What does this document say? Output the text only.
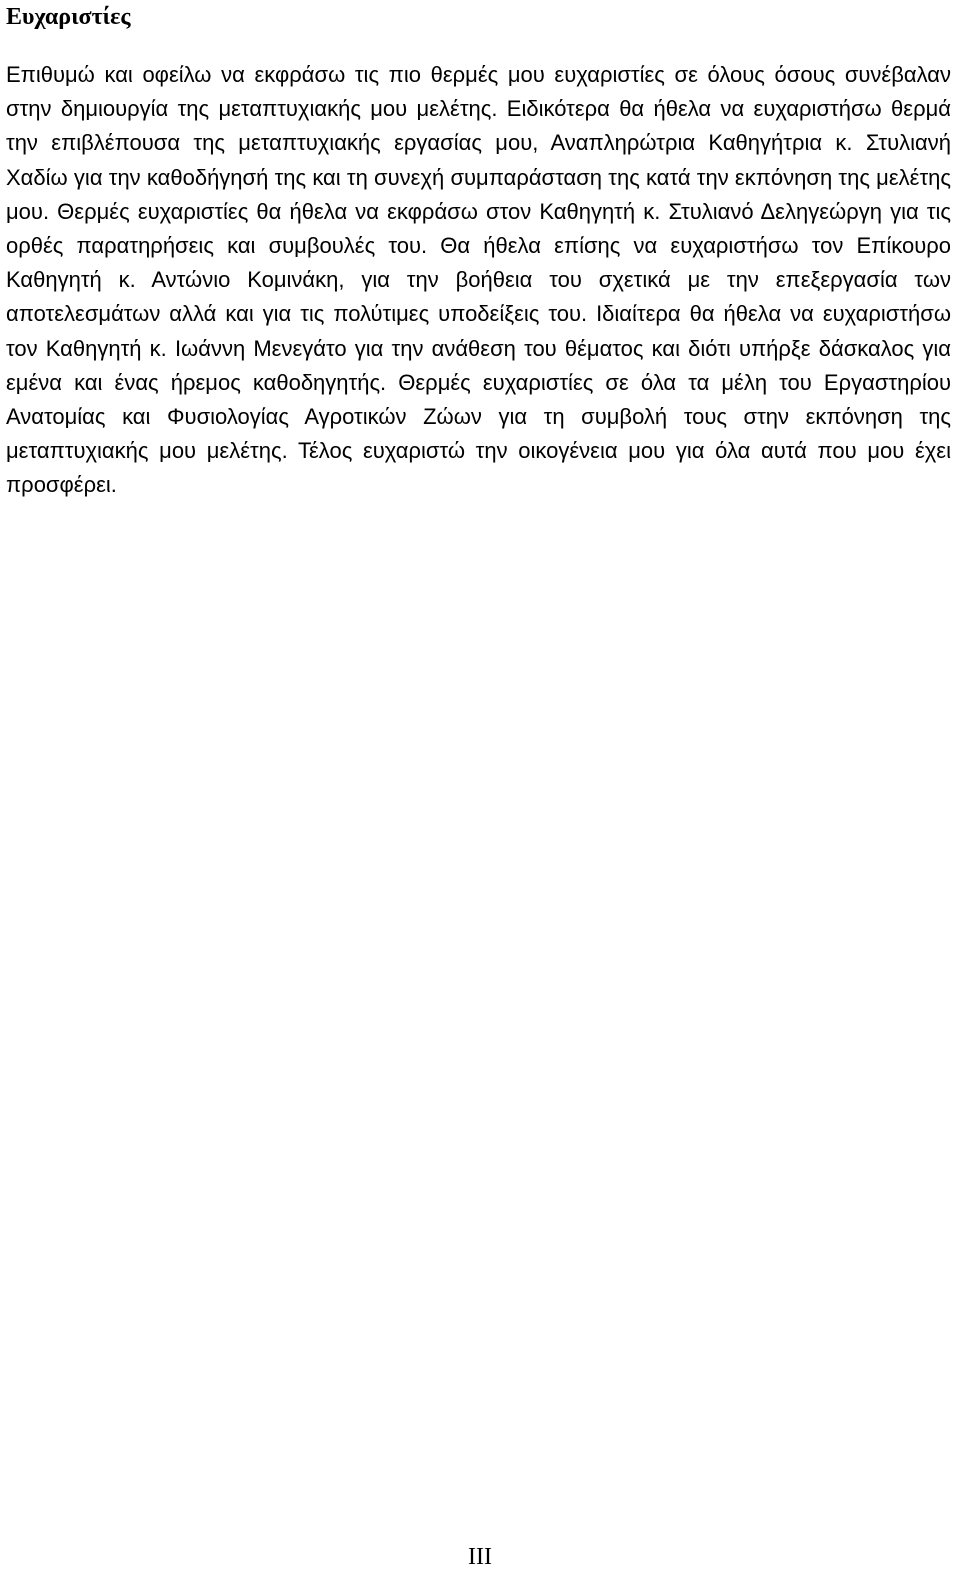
Ευχαριστίες

Επιθυμώ και οφείλω να εκφράσω τις πιο θερμές μου ευχαριστίες σε όλους όσους συνέβαλαν στην δημιουργία της μεταπτυχιακής μου μελέτης. Ειδικότερα θα ήθελα να ευχαριστήσω θερμά την επιβλέπουσα της μεταπτυχιακής εργασίας μου, Αναπληρώτρια Καθηγήτρια κ. Στυλιανή Χαδίω για την καθοδήγησή της και τη συνεχή συμπαράσταση της κατά την εκπόνηση της μελέτης μου. Θερμές ευχαριστίες θα ήθελα να εκφράσω στον Καθηγητή κ. Στυλιανό Δεληγεώργη για τις ορθές παρατηρήσεις και συμβουλές του. Θα ήθελα επίσης να ευχαριστήσω τον Επίκουρο Καθηγητή κ. Αντώνιο Κομινάκη, για την βοήθεια του σχετικά με την επεξεργασία των αποτελεσμάτων αλλά και για τις πολύτιμες υποδείξεις του. Ιδιαίτερα θα ήθελα να ευχαριστήσω τον Καθηγητή κ. Ιωάννη Μενεγάτο για την ανάθεση του θέματος και διότι υπήρξε δάσκαλος για εμένα και ένας ήρεμος καθοδηγητής. Θερμές ευχαριστίες σε όλα τα μέλη του Εργαστηρίου Ανατομίας και Φυσιολογίας Αγροτικών Ζώων για τη συμβολή τους στην εκπόνηση της μεταπτυχιακής μου μελέτης. Τέλος ευχαριστώ την οικογένεια μου για όλα αυτά που μου έχει προσφέρει.

III
